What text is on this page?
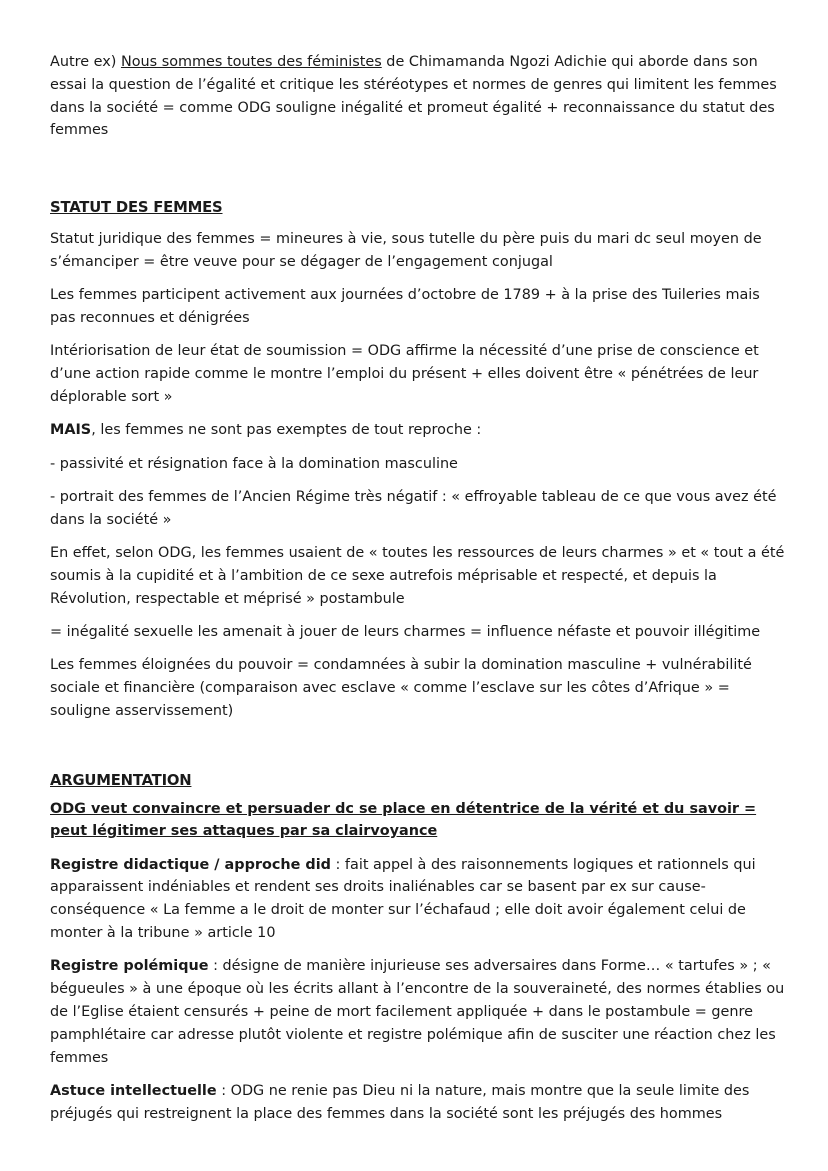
Autre ex) Nous sommes toutes des féministes de Chimamanda Ngozi Adichie qui aborde dans son essai la question de l’égalité et critique les stéréotypes et normes de genres qui limitent les femmes dans la société = comme ODG souligne inégalité et promeut égalité + reconnaissance du statut des femmes

STATUT DES FEMMES

Statut juridique des femmes = mineures à vie, sous tutelle du père puis du mari dc seul moyen de s’émanciper = être veuve pour se dégager de l’engagement conjugal

Les femmes participent activement aux journées d’octobre de 1789 + à la prise des Tuileries mais pas reconnues et dénigrées

Intériorisation de leur état de soumission = ODG affirme la nécessité d’une prise de conscience et d’une action rapide comme le montre l’emploi du présent + elles doivent être « pénétrées de leur déplorable sort »

MAIS, les femmes ne sont pas exemptes de tout reproche :

- passivité et résignation face à la domination masculine

- portrait des femmes de l’Ancien Régime très négatif : « effroyable tableau de ce que vous avez été dans la société »

En effet, selon ODG, les femmes usaient de « toutes les ressources de leurs charmes » et « tout a été soumis à la cupidité et à l’ambition de ce sexe autrefois méprisable et respecté, et depuis la Révolution, respectable et méprisé » postambule

= inégalité sexuelle les amenait à jouer de leurs charmes = influence néfaste et pouvoir illégitime

Les femmes éloignées du pouvoir = condamnées à subir la domination masculine + vulnérabilité sociale et financière (comparaison avec esclave « comme l’esclave sur les côtes d’Afrique » = souligne asservissement)

ARGUMENTATION

ODG veut convaincre et persuader dc se place en détentrice de la vérité et du savoir = peut légitimer ses attaques par sa clairvoyance

Registre didactique / approche did : fait appel à des raisonnements logiques et rationnels qui apparaissent indéniables et rendent ses droits inaliénables car se basent par ex sur cause-conséquence « La femme a le droit de monter sur l’échafaud ; elle doit avoir également celui de monter à la tribune » article 10

Registre polémique : désigne de manière injurieuse ses adversaires dans Forme… « tartufes » ; « bégueules » à une époque où les écrits allant à l’encontre de la souveraineté, des normes établies ou de l’Eglise étaient censurés + peine de mort facilement appliquée + dans le postambule = genre pamphlétaire car adresse plutôt violente et registre polémique afin de susciter une réaction chez les femmes

Astuce intellectuelle : ODG ne renie pas Dieu ni la nature, mais montre que la seule limite des préjugés qui restreignent la place des femmes dans la société sont les préjugés des hommes
